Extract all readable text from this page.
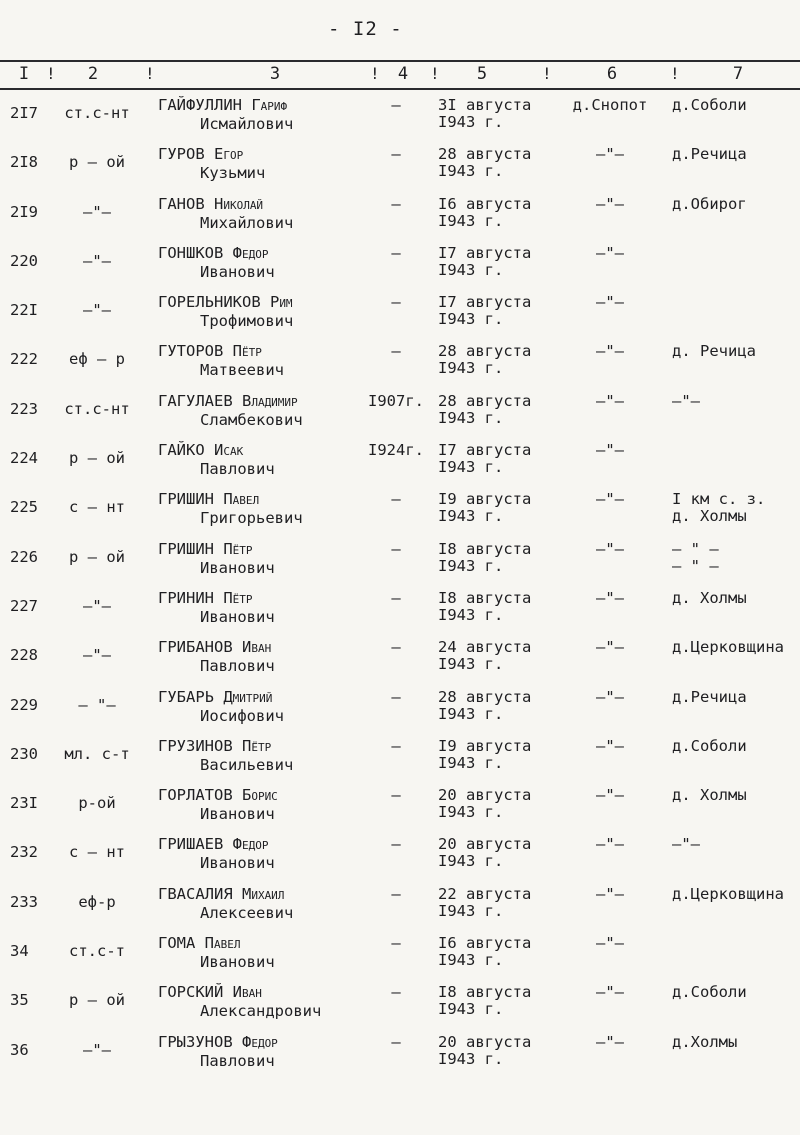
- I2 -
I ! 2	!	3	! 4 ! 5	!	6	!	7
2I7	ст.с-нт	ГАЙФУЛЛИН Гариф
Исмайлович
–	3I августа
I943 г.
д.Снопот	д.Соболи
2I8	р – ой	ГУРОВ Егор
Кузьмич
–	28 августа
I943 г.
–"–	д.Речица
2I9	–"–	ГАНОВ Николай
Михайлович
–	I6 августа
I943 г.
–"–	д.Обирог
220	–"–	ГОНШКОВ Федор
Иванович
–	I7 августа
I943 г.
–"–
22I	–"–	ГОРЕЛЬНИКОВ Рим
Трофимович
–	I7 августа
I943 г.
–"–
222	еф – р	ГУТОРОВ Пётр
Матвеевич
–	28 августа
I943 г.
–"–	д. Речица
223	ст.с-нт	ГАГУЛАЕВ Владимир
Сламбекович
I907г. 28 августа
I943 г.
–"–	–"–
224	р – ой	ГАЙКО Исак
Павлович
I924г. I7 августа
I943 г.
–"–
225	с – нт	ГРИШИН Павел
Григорьевич
–	I9 августа
I943 г.
–"–	I км с. з.
д. Холмы
226	р – ой	ГРИШИН Пётр
Иванович
–	I8 августа
I943 г.
–"–	– " –
– " –
227	–"–	ГРИНИН Пётр
Иванович
–	I8 августа
I943 г.
–"–	д. Холмы
228	–"–	ГРИБАНОВ Иван
Павлович
–	24 августа
I943 г.
–"–	д.Церковщина
229	– "–	ГУБАРЬ Дмитрий
Иосифович
–	28 августа
I943 г.
–"–	д.Речица
230	мл. с-т	ГРУЗИНОВ Пётр
Васильевич
–	I9 августа
I943 г.
–"–	д.Соболи
23I	р-ой	ГОРЛАТОВ Борис
Иванович
–	20 августа
I943 г.
–"–	д. Холмы
232	с – нт	ГРИШАЕВ Федор
Иванович
–	20 августа
I943 г.
–"–	–"–
233	еф-р	ГВАСАЛИЯ Михаил
Алексеевич
–	22 августа
I943 г.
–"–	д.Церковщина
34	ст.с-т	ГОМА Павел
Иванович
–	I6 августа
I943 г.
–"–
35	р – ой	ГОРСКИЙ Иван
Александрович
–	I8 августа
I943 г.
–"–	д.Соболи
36	–"–	ГРЫЗУНОВ Федор
Павлович
–	20 августа
I943 г.
–"–	д.Холмы
